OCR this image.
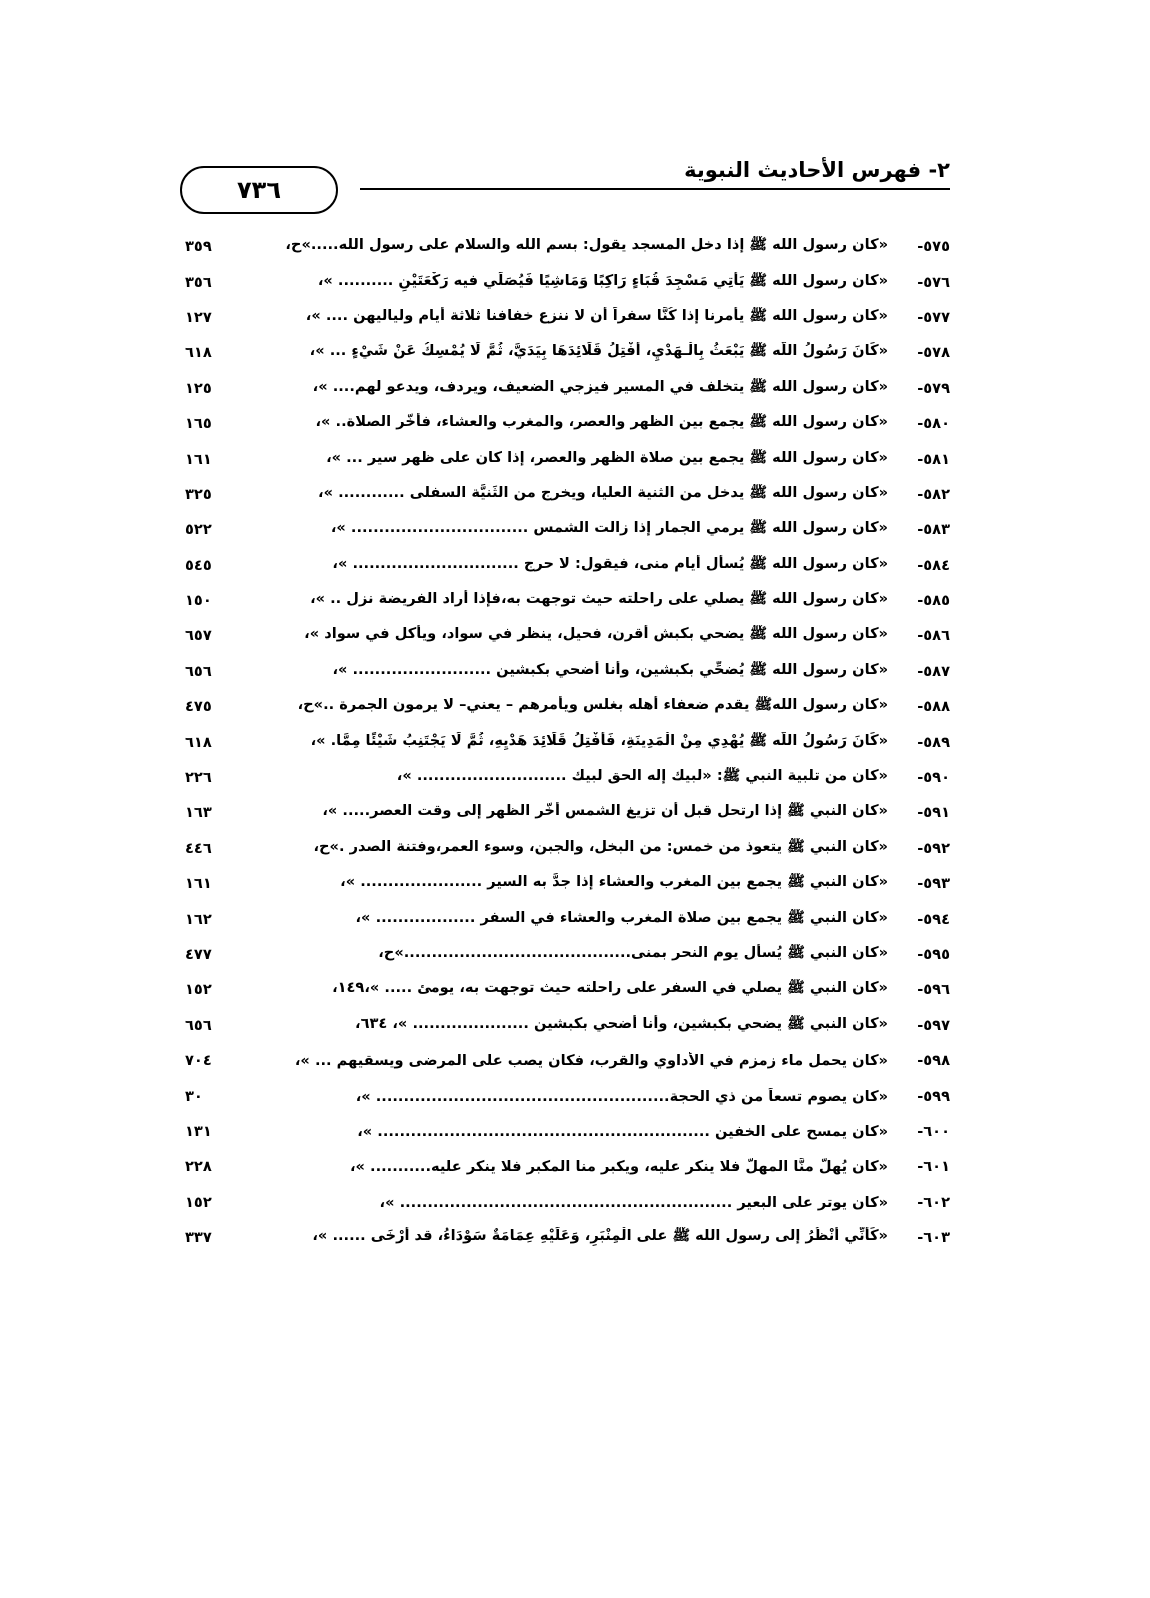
٢- فهرس الأحاديث النبوية
٧٣٦
٥٧٥-
«كان رسول الله ﷺ إذا دخل المسجد يقول: بسم الله والسلام على رسول الله.....»ح،
٣٥٩
٥٧٦-
«كان رسول الله ﷺ يَأْتِي مَسْجِدَ قُبَاءٍ رَاكِبًا وَمَاشِيًا فَيُصَلِّي فيه رَكْعَتَيْنِ .......... »،
٣٥٦
٥٧٧-
«كان رسول الله ﷺ يأمرنا إذا كُنَّا سفراً أن لا ننزع خفافنا ثلاثة أيام ولياليهن .... »،
١٢٧
٥٧٨-
«كَانَ رَسُولُ اللَّه ﷺ يَبْعَثُ بِالْـهَدْيِ، أَفْتِلُ قَلَائِدَهَا بِيَدَيَّ، ثُمَّ لَا يُمْسِكُ عَنْ شَيْءٍ ... »،
٦١٨
٥٧٩-
«كان رسول الله ﷺ يتخلف في المسير فيزجي الضعيف، ويردف، ويدعو لهم.... »،
١٢٥
٥٨٠-
«كان رسول الله ﷺ يجمع بين الظهر والعصر، والمغرب والعشاء، فأخّر الصلاة.. »،
١٦٥
٥٨١-
«كان رسول الله ﷺ يجمع بين صلاة الظهر والعصر، إذا كان على ظهر سير ... »،
١٦١
٥٨٢-
«كان رسول الله ﷺ يدخل من الثنية العليا، ويخرج من الثَنيَّة السفلى ............ »،
٣٢٥
٥٨٣-
«كان رسول الله ﷺ يرمي الجمار إذا زالت الشمس ................................ »،
٥٢٢
٥٨٤-
«كان رسول الله ﷺ يُسأل أيام منى، فيقول: لا حرج .............................. »،
٥٤٥
٥٨٥-
«كان رسول الله ﷺ يصلي على راحلته حيث توجهت به،فإذا أراد الفريضة نزل .. »،
١٥٠
٥٨٦-
«كان رسول الله ﷺ يضحي بكبش أقرن، فحيل، ينظر في سواد، ويأكل في سواد »،
٦٥٧
٥٨٧-
«كان رسول الله ﷺ يُضحِّي بكبشين، وأنا أضحي بكبشين ......................... »،
٦٥٦
٥٨٨-
«كان رسول اللهﷺ يقدم ضعفاء أهله بغلس ويأمرهم – يعني– لا يرمون الجمرة ..»ح،
٤٧٥
٥٨٩-
«كَانَ رَسُولُ اللَّه ﷺ يُهْدِي مِنْ الْمَدِينَةِ، فَأَفْتِلُ قَلَائِدَ هَدْيِهِ، ثُمَّ لَا يَجْتَنِبُ شَيْئًا مِمَّا. »،
٦١٨
٥٩٠-
«كان من تلبية النبي ﷺ: «لبيك إله الحق لبيك ........................... »،
٢٢٦
٥٩١-
«كان النبي ﷺ إذا ارتحل قبل أن تزيغ الشمس أخّر الظهر إلى وقت العصر..... »،
١٦٣
٥٩٢-
«كان النبي ﷺ يتعوذ من خمس: من البخل، والجبن، وسوء العمر،وفتنة الصدر .»ح،
٤٤٦
٥٩٣-
«كان النبي ﷺ يجمع بين المغرب والعشاء إذا جدَّ به السير ...................... »،
١٦١
٥٩٤-
«كان النبي ﷺ يجمع بين صلاة المغرب والعشاء في السفر .................. »،
١٦٢
٥٩٥-
«كان النبي ﷺ يُسأل يوم النحر بمنى.........................................»ح،
٤٧٧
٥٩٦-
«كان النبي ﷺ يصلي في السفر على راحلته حيث توجهت به، يومئ ..... »،١٤٩،
١٥٢
٥٩٧-
«كان النبي ﷺ يضحي بكبشين، وأنا أضحي بكبشين ..................... »، ٦٣٤،
٦٥٦
٥٩٨-
«كان يحمل ماء زمزم في الأداوي والقرب، فكان يصب على المرضى ويسقيهم ... »،
٧٠٤
٥٩٩-
«كان يصوم تسعاً من ذي الحجة..................................................... »،
٣٠
٦٠٠-
«كان يمسح على الخفين ............................................................ »،
١٣١
٦٠١-
«كان يُهلُّ منَّا المهلُّ فلا ينكر عليه، ويكبر منا المكبر فلا ينكر عليه........... »،
٢٢٨
٦٠٢-
«كان يوتر على البعير ............................................................ »،
١٥٢
٦٠٣-
«كَأَنِّي أَنْظُرُ إلى رسول الله ﷺ على الْمِنْبَرِ، وَعَلَيْهِ عِمَامَةٌ سَوْدَاءُ، قد أَرْخَى ...... »،
٣٣٧
